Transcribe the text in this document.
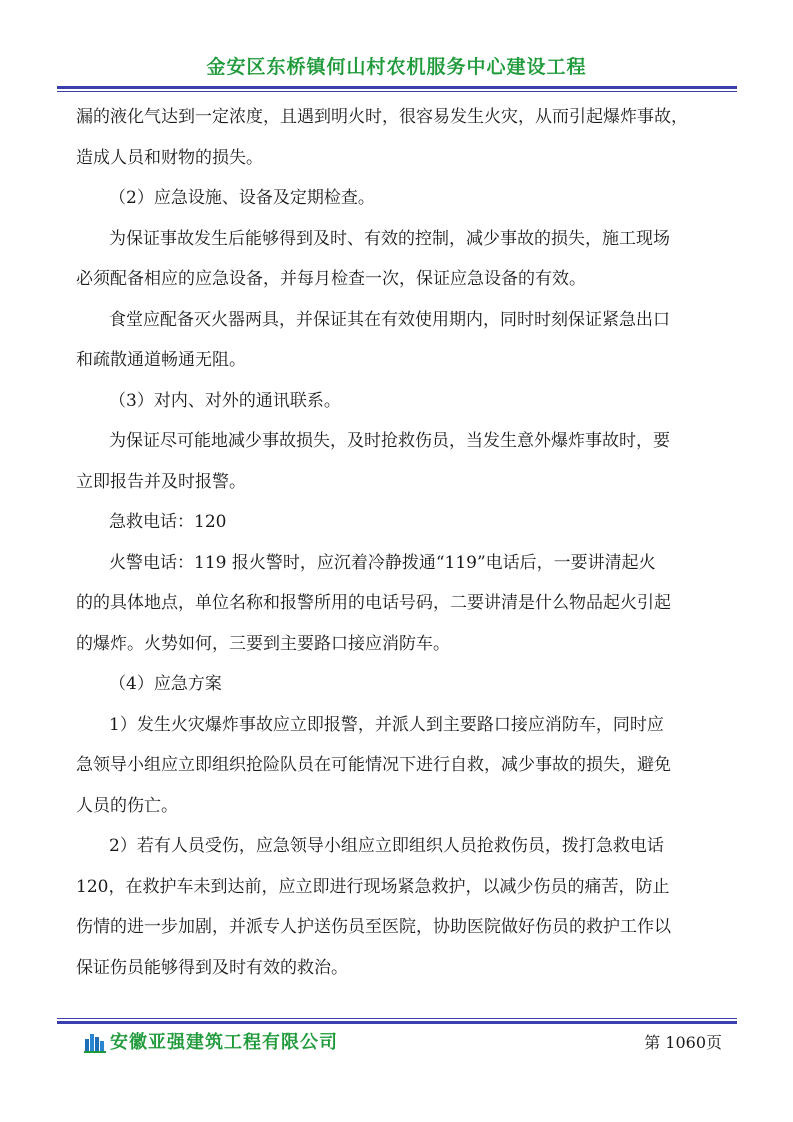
金安区东桥镇何山村农机服务中心建设工程

漏的液化气达到一定浓度，且遇到明火时，很容易发生火灾，从而引起爆炸事故，

造成人员和财物的损失。

（2）应急设施、设备及定期检查。

为保证事故发生后能够得到及时、有效的控制，减少事故的损失，施工现场

必须配备相应的应急设备，并每月检查一次，保证应急设备的有效。

食堂应配备灭火器两具，并保证其在有效使用期内，同时时刻保证紧急出口

和疏散通道畅通无阻。

（3）对内、对外的通讯联系。

为保证尽可能地减少事故损失，及时抢救伤员，当发生意外爆炸事故时，要

立即报告并及时报警。

急救电话：120

火警电话：119 报火警时，应沉着冷静拨通“119”电话后，一要讲清起火

的的具体地点，单位名称和报警所用的电话号码，二要讲清是什么物品起火引起

的爆炸。火势如何，三要到主要路口接应消防车。

（4）应急方案

1）发生火灾爆炸事故应立即报警，并派人到主要路口接应消防车，同时应

急领导小组应立即组织抢险队员在可能情况下进行自救，减少事故的损失，避免

人员的伤亡。

2）若有人员受伤，应急领导小组应立即组织人员抢救伤员，拨打急救电话

120，在救护车未到达前，应立即进行现场紧急救护，以减少伤员的痛苦，防止

伤情的进一步加剧，并派专人护送伤员至医院，协助医院做好伤员的救护工作以

保证伤员能够得到及时有效的救治。

安徽亚强建筑工程有限公司	第 1060页
